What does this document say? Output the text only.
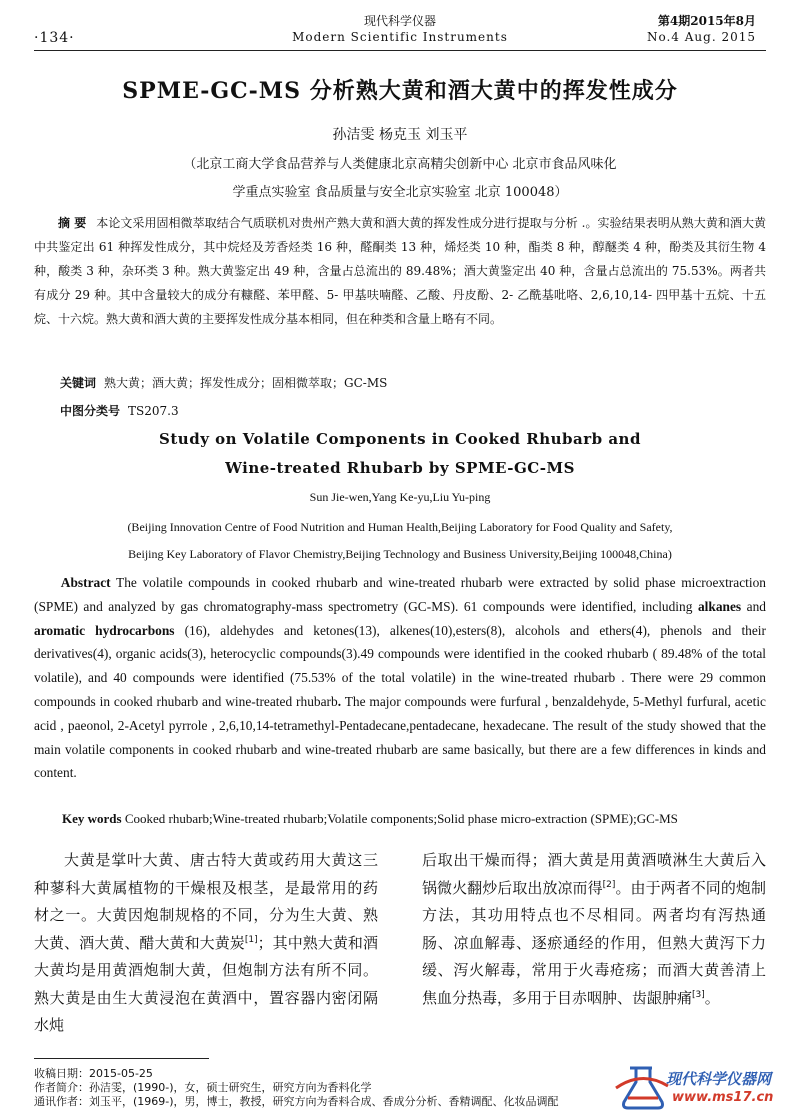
·134·
现代科学仪器
Modern Scientific Instruments
第4期2015年8月
No.4 Aug. 2015
SPME-GC-MS 分析熟大黄和酒大黄中的挥发性成分
孙洁雯 杨克玉 刘玉平
（北京工商大学食品营养与人类健康北京高精尖创新中心 北京市食品风味化
学重点实验室 食品质量与安全北京实验室 北京 100048）
摘 要 本论文采用固相微萃取结合气质联机对贵州产熟大黄和酒大黄的挥发性成分进行提取与分析 .。实验结果表明从熟大黄和酒大黄中共鉴定出 61 种挥发性成分，其中烷烃及芳香烃类 16 种，醛酮类 13 种，烯烃类 10 种，酯类 8 种，醇醚类 4 种，酚类及其衍生物 4 种，酸类 3 种，杂环类 3 种。熟大黄鉴定出 49 种，含量占总流出的 89.48%；酒大黄鉴定出 40 种，含量占总流出的 75.53%。两者共有成分 29 种。其中含量较大的成分有糠醛、苯甲醛、5- 甲基呋喃醛、乙酸、丹皮酚、2- 乙酰基吡咯、2,6,10,14- 四甲基十五烷、十五烷、十六烷。熟大黄和酒大黄的主要挥发性成分基本相同，但在种类和含量上略有不同。
关键词 熟大黄；酒大黄；挥发性成分；固相微萃取；GC-MS
中图分类号 TS207.3
Study on Volatile Components in Cooked Rhubarb and
Wine-treated Rhubarb by SPME-GC-MS
Sun Jie-wen,Yang Ke-yu,Liu Yu-ping
(Beijing Innovation Centre of Food Nutrition and Human Health,Beijing Laboratory for Food Quality and Safety,
Beijing Key Laboratory of Flavor Chemistry,Beijing Technology and Business University,Beijing 100048,China)
Abstract The volatile compounds in cooked rhubarb and wine-treated rhubarb were extracted by solid phase microextraction (SPME) and analyzed by gas chromatography-mass spectrometry (GC-MS). 61 compounds were identified, including alkanes and aromatic hydrocarbons (16), aldehydes and ketones(13), alkenes(10),esters(8), alcohols and ethers(4), phenols and their derivatives(4), organic acids(3), heterocyclic compounds(3).49 compounds were identified in the cooked rhubarb ( 89.48% of the total volatile), and 40 compounds were identified (75.53% of the total volatile) in the wine-treated rhubarb . There were 29 common compounds in cooked rhubarb and wine-treated rhubarb. The major compounds were furfural , benzaldehyde, 5-Methyl furfural, acetic acid , paeonol, 2-Acetyl pyrrole , 2,6,10,14-tetramethyl-Pentadecane,pentadecane, hexadecane. The result of the study showed that the main volatile components in cooked rhubarb and wine-treated rhubarb are same basically, but there are a few differences in kinds and content.
Key words Cooked rhubarb;Wine-treated rhubarb;Volatile components;Solid phase micro-extraction (SPME);GC-MS
大黄是掌叶大黄、唐古特大黄或药用大黄这三种蓼科大黄属植物的干燥根及根茎，是最常用的药材之一。大黄因炮制规格的不同，分为生大黄、熟大黄、酒大黄、醋大黄和大黄炭[1]；其中熟大黄和酒大黄均是用黄酒炮制大黄，但炮制方法有所不同。熟大黄是由生大黄浸泡在黄酒中，置容器内密闭隔水炖
后取出干燥而得；酒大黄是用黄酒喷淋生大黄后入锅微火翻炒后取出放凉而得[2]。由于两者不同的炮制方法，其功用特点也不尽相同。两者均有泻热通肠、凉血解毒、逐瘀通经的作用，但熟大黄泻下力缓、泻火解毒，常用于火毒疮疡；而酒大黄善清上焦血分热毒，多用于目赤咽肿、齿龈肿痛[3]。
收稿日期：2015-05-25
作者简介：孙洁雯，(1990-)，女，硕士研究生，研究方向为香料化学
通讯作者：刘玉平，(1969-)，男，博士，教授，研究方向为香料合成、香成分分析、香精调配、化妆品调配
现代科学仪器网
www.ms17.cn
